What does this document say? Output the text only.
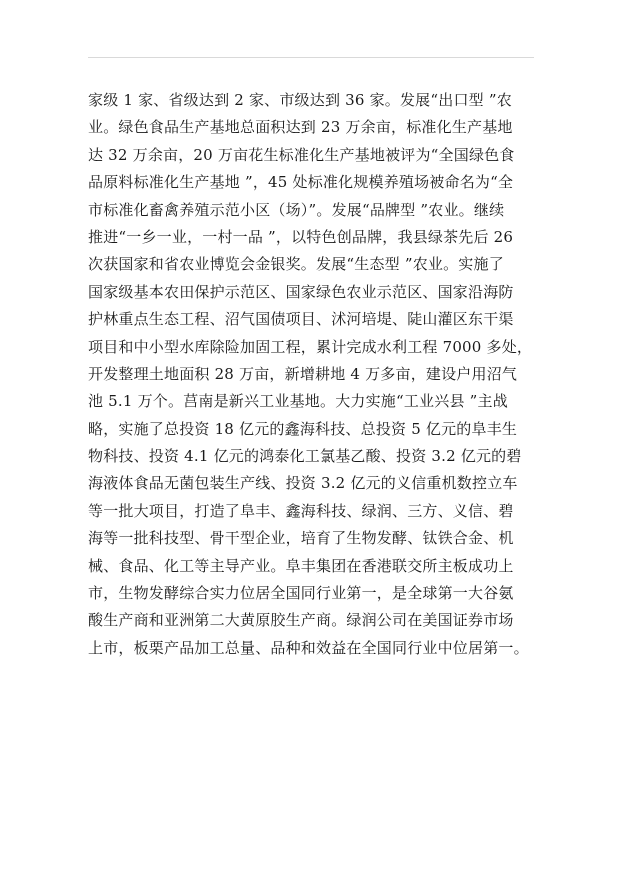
家级 1 家、省级达到 2 家、市级达到 36 家。发展“出口型 ”农
业。绿色食品生产基地总面积达到 23 万余亩，标准化生产基地
达 32 万余亩，20 万亩花生标准化生产基地被评为“全国绿色食
品原料标准化生产基地 ”，45 处标准化规模养殖场被命名为“全
市标准化畜禽养殖示范小区（场）”。发展“品牌型 ”农业。继续
推进“一乡一业，一村一品 ”，以特色创品牌，我县绿茶先后 26
次获国家和省农业博览会金银奖。发展“生态型 ”农业。实施了
国家级基本农田保护示范区、国家绿色农业示范区、国家沿海防
护林重点生态工程、沼气国债项目、沭河培堤、陡山灌区东干渠
项目和中小型水库除险加固工程，累计完成水利工程 7000 多处，
开发整理土地面积 28 万亩，新增耕地 4 万多亩，建设户用沼气
池 5.1 万个。莒南是新兴工业基地。大力实施“工业兴县 ”主战
略，实施了总投资 18 亿元的鑫海科技、总投资 5 亿元的阜丰生
物科技、投资 4.1 亿元的鸿泰化工氯基乙酸、投资 3.2 亿元的碧
海液体食品无菌包装生产线、投资 3.2 亿元的义信重机数控立车
等一批大项目，打造了阜丰、鑫海科技、绿润、三方、义信、碧
海等一批科技型、骨干型企业，培育了生物发酵、钛铁合金、机
械、食品、化工等主导产业。阜丰集团在香港联交所主板成功上
市，生物发酵综合实力位居全国同行业第一，是全球第一大谷氨
酸生产商和亚洲第二大黄原胶生产商。绿润公司在美国证券市场
上市，板栗产品加工总量、品种和效益在全国同行业中位居第一。
